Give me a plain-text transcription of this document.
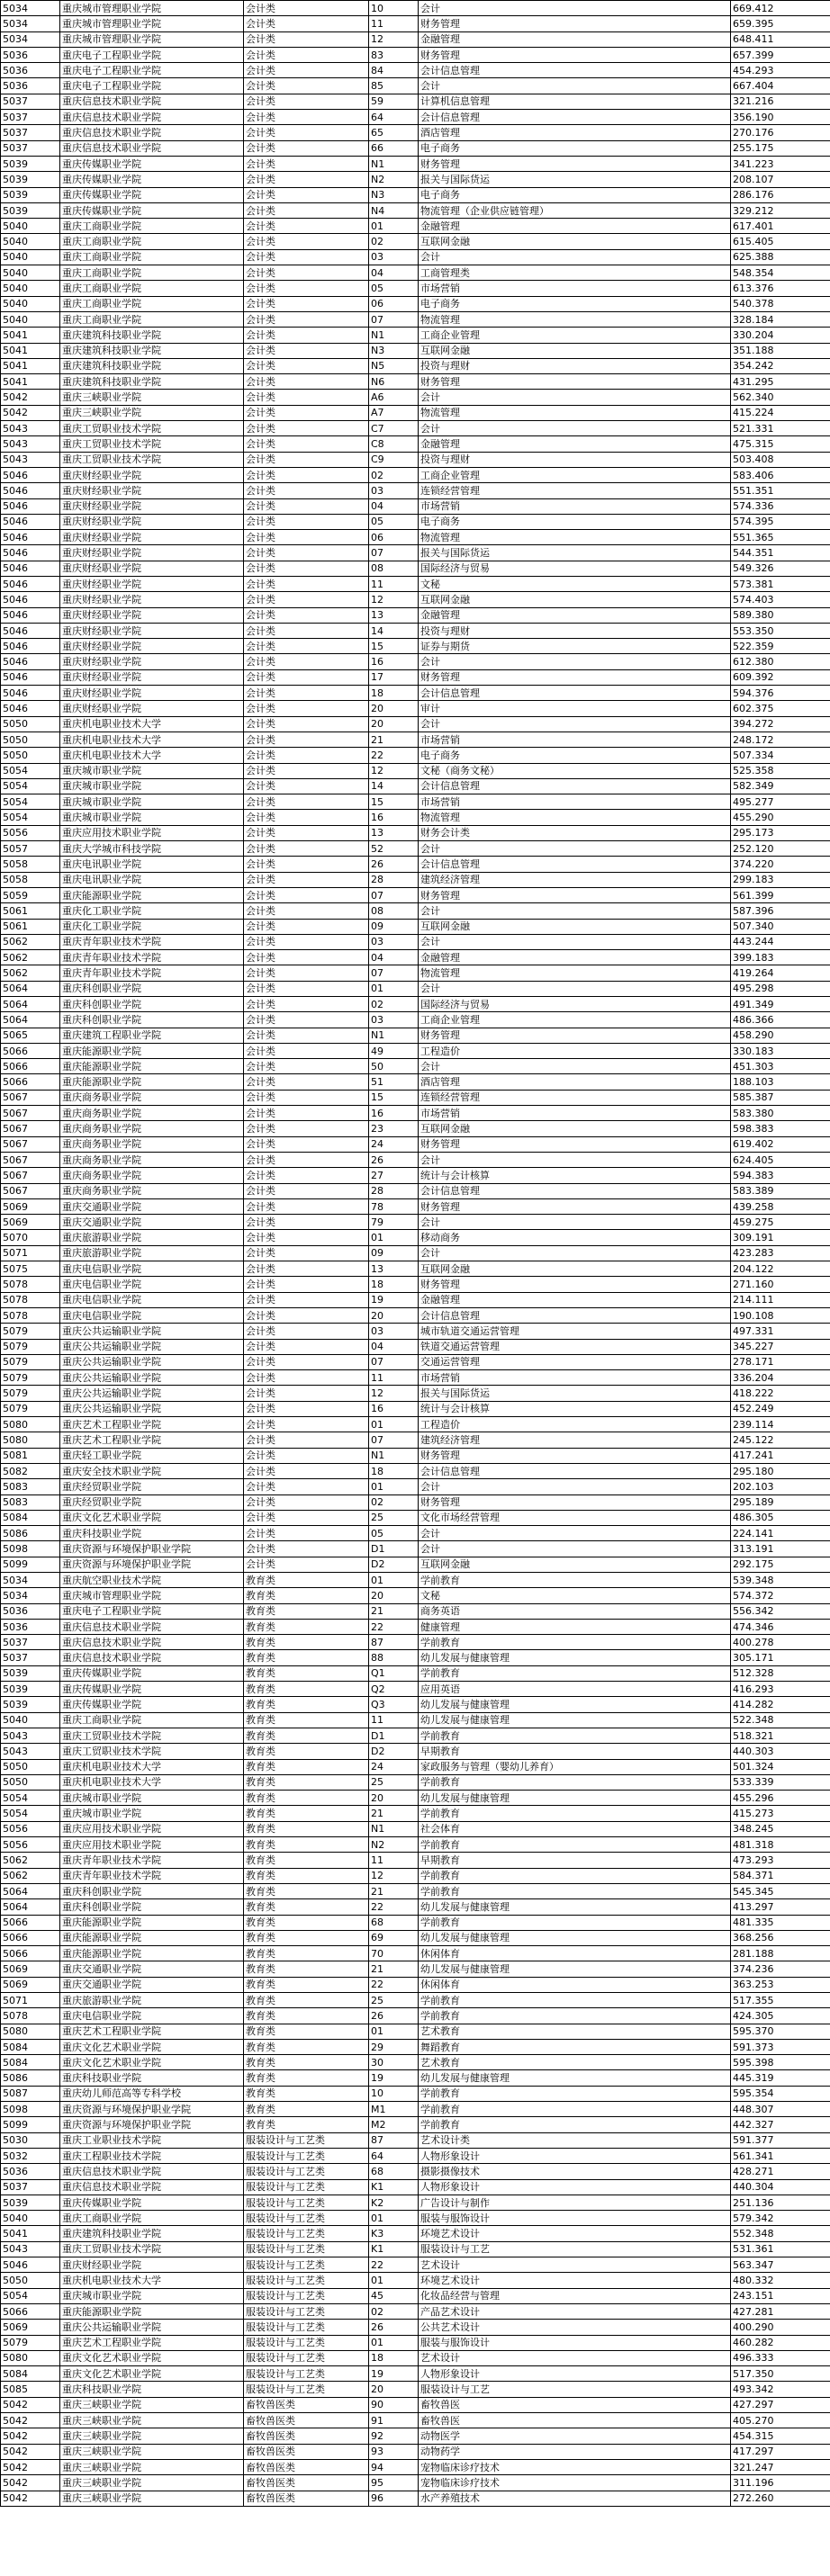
5034	重庆城市管理职业学院	会计类	10	会计	669.412
5034	重庆城市管理职业学院	会计类	11	财务管理	659.395
5034	重庆城市管理职业学院	会计类	12	金融管理	648.411
5036	重庆电子工程职业学院	会计类	83	财务管理	657.399
5036	重庆电子工程职业学院	会计类	84	会计信息管理	454.293
5036	重庆电子工程职业学院	会计类	85	会计	667.404
5037	重庆信息技术职业学院	会计类	59	计算机信息管理	321.216
5037	重庆信息技术职业学院	会计类	64	会计信息管理	356.190
5037	重庆信息技术职业学院	会计类	65	酒店管理	270.176
5037	重庆信息技术职业学院	会计类	66	电子商务	255.175
5039	重庆传媒职业学院	会计类	N1	财务管理	341.223
5039	重庆传媒职业学院	会计类	N2	报关与国际货运	208.107
5039	重庆传媒职业学院	会计类	N3	电子商务	286.176
5039	重庆传媒职业学院	会计类	N4	物流管理（企业供应链管理）	329.212
5040	重庆工商职业学院	会计类	01	金融管理	617.401
5040	重庆工商职业学院	会计类	02	互联网金融	615.405
5040	重庆工商职业学院	会计类	03	会计	625.388
5040	重庆工商职业学院	会计类	04	工商管理类	548.354
5040	重庆工商职业学院	会计类	05	市场营销	613.376
5040	重庆工商职业学院	会计类	06	电子商务	540.378
5040	重庆工商职业学院	会计类	07	物流管理	328.184
5041	重庆建筑科技职业学院	会计类	N1	工商企业管理	330.204
5041	重庆建筑科技职业学院	会计类	N3	互联网金融	351.188
5041	重庆建筑科技职业学院	会计类	N5	投资与理财	354.242
5041	重庆建筑科技职业学院	会计类	N6	财务管理	431.295
5042	重庆三峡职业学院	会计类	A6	会计	562.340
5042	重庆三峡职业学院	会计类	A7	物流管理	415.224
5043	重庆工贸职业技术学院	会计类	C7	会计	521.331
5043	重庆工贸职业技术学院	会计类	C8	金融管理	475.315
5043	重庆工贸职业技术学院	会计类	C9	投资与理财	503.408
5046	重庆财经职业学院	会计类	02	工商企业管理	583.406
5046	重庆财经职业学院	会计类	03	连锁经营管理	551.351
5046	重庆财经职业学院	会计类	04	市场营销	574.336
5046	重庆财经职业学院	会计类	05	电子商务	574.395
5046	重庆财经职业学院	会计类	06	物流管理	551.365
5046	重庆财经职业学院	会计类	07	报关与国际货运	544.351
5046	重庆财经职业学院	会计类	08	国际经济与贸易	549.326
5046	重庆财经职业学院	会计类	11	文秘	573.381
5046	重庆财经职业学院	会计类	12	互联网金融	574.403
5046	重庆财经职业学院	会计类	13	金融管理	589.380
5046	重庆财经职业学院	会计类	14	投资与理财	553.350
5046	重庆财经职业学院	会计类	15	证券与期货	522.359
5046	重庆财经职业学院	会计类	16	会计	612.380
5046	重庆财经职业学院	会计类	17	财务管理	609.392
5046	重庆财经职业学院	会计类	18	会计信息管理	594.376
5046	重庆财经职业学院	会计类	20	审计	602.375
5050	重庆机电职业技术大学	会计类	20	会计	394.272
5050	重庆机电职业技术大学	会计类	21	市场营销	248.172
5050	重庆机电职业技术大学	会计类	22	电子商务	507.334
5054	重庆城市职业学院	会计类	12	文秘（商务文秘）	525.358
5054	重庆城市职业学院	会计类	14	会计信息管理	582.349
5054	重庆城市职业学院	会计类	15	市场营销	495.277
5054	重庆城市职业学院	会计类	16	物流管理	455.290
5056	重庆应用技术职业学院	会计类	13	财务会计类	295.173
5057	重庆大学城市科技学院	会计类	52	会计	252.120
5058	重庆电讯职业学院	会计类	26	会计信息管理	374.220
5058	重庆电讯职业学院	会计类	28	建筑经济管理	299.183
5059	重庆能源职业学院	会计类	07	财务管理	561.399
5061	重庆化工职业学院	会计类	08	会计	587.396
5061	重庆化工职业学院	会计类	09	互联网金融	507.340
5062	重庆青年职业技术学院	会计类	03	会计	443.244
5062	重庆青年职业技术学院	会计类	04	金融管理	399.183
5062	重庆青年职业技术学院	会计类	07	物流管理	419.264
5064	重庆科创职业学院	会计类	01	会计	495.298
5064	重庆科创职业学院	会计类	02	国际经济与贸易	491.349
5064	重庆科创职业学院	会计类	03	工商企业管理	486.366
5065	重庆建筑工程职业学院	会计类	N1	财务管理	458.290
5066	重庆能源职业学院	会计类	49	工程造价	330.183
5066	重庆能源职业学院	会计类	50	会计	451.303
5066	重庆能源职业学院	会计类	51	酒店管理	188.103
5067	重庆商务职业学院	会计类	15	连锁经营管理	585.387
5067	重庆商务职业学院	会计类	16	市场营销	583.380
5067	重庆商务职业学院	会计类	23	互联网金融	598.383
5067	重庆商务职业学院	会计类	24	财务管理	619.402
5067	重庆商务职业学院	会计类	26	会计	624.405
5067	重庆商务职业学院	会计类	27	统计与会计核算	594.383
5067	重庆商务职业学院	会计类	28	会计信息管理	583.389
5069	重庆交通职业学院	会计类	78	财务管理	439.258
5069	重庆交通职业学院	会计类	79	会计	459.275
5070	重庆旅游职业学院	会计类	01	移动商务	309.191
5071	重庆旅游职业学院	会计类	09	会计	423.283
5075	重庆电信职业学院	会计类	13	互联网金融	204.122
5078	重庆电信职业学院	会计类	18	财务管理	271.160
5078	重庆电信职业学院	会计类	19	金融管理	214.111
5078	重庆电信职业学院	会计类	20	会计信息管理	190.108
5079	重庆公共运输职业学院	会计类	03	城市轨道交通运营管理	497.331
5079	重庆公共运输职业学院	会计类	04	铁道交通运营管理	345.227
5079	重庆公共运输职业学院	会计类	07	交通运营管理	278.171
5079	重庆公共运输职业学院	会计类	11	市场营销	336.204
5079	重庆公共运输职业学院	会计类	12	报关与国际货运	418.222
5079	重庆公共运输职业学院	会计类	16	统计与会计核算	452.249
5080	重庆艺术工程职业学院	会计类	01	工程造价	239.114
5080	重庆艺术工程职业学院	会计类	07	建筑经济管理	245.122
5081	重庆轻工职业学院	会计类	N1	财务管理	417.241
5082	重庆安全技术职业学院	会计类	18	会计信息管理	295.180
5083	重庆经贸职业学院	会计类	01	会计	202.103
5083	重庆经贸职业学院	会计类	02	财务管理	295.189
5084	重庆文化艺术职业学院	会计类	25	文化市场经营管理	486.305
5086	重庆科技职业学院	会计类	05	会计	224.141
5098	重庆资源与环境保护职业学院	会计类	D1	会计	313.191
5099	重庆资源与环境保护职业学院	会计类	D2	互联网金融	292.175
5034	重庆航空职业技术学院	教育类	01	学前教育	539.348
5034	重庆城市管理职业学院	教育类	20	文秘	574.372
5036	重庆电子工程职业学院	教育类	21	商务英语	556.342
5036	重庆信息技术职业学院	教育类	22	健康管理	474.346
5037	重庆信息技术职业学院	教育类	87	学前教育	400.278
5037	重庆信息技术职业学院	教育类	88	幼儿发展与健康管理	305.171
5039	重庆传媒职业学院	教育类	Q1	学前教育	512.328
5039	重庆传媒职业学院	教育类	Q2	应用英语	416.293
5039	重庆传媒职业学院	教育类	Q3	幼儿发展与健康管理	414.282
5040	重庆工商职业学院	教育类	11	幼儿发展与健康管理	522.348
5043	重庆工贸职业技术学院	教育类	D1	学前教育	518.321
5043	重庆工贸职业技术学院	教育类	D2	早期教育	440.303
5050	重庆机电职业技术大学	教育类	24	家政服务与管理（婴幼儿养育）	501.324
5050	重庆机电职业技术大学	教育类	25	学前教育	533.339
5054	重庆城市职业学院	教育类	20	幼儿发展与健康管理	455.296
5054	重庆城市职业学院	教育类	21	学前教育	415.273
5056	重庆应用技术职业学院	教育类	N1	社会体育	348.245
5056	重庆应用技术职业学院	教育类	N2	学前教育	481.318
5062	重庆青年职业技术学院	教育类	11	早期教育	473.293
5062	重庆青年职业技术学院	教育类	12	学前教育	584.371
5064	重庆科创职业学院	教育类	21	学前教育	545.345
5064	重庆科创职业学院	教育类	22	幼儿发展与健康管理	413.297
5066	重庆能源职业学院	教育类	68	学前教育	481.335
5066	重庆能源职业学院	教育类	69	幼儿发展与健康管理	368.256
5066	重庆能源职业学院	教育类	70	休闲体育	281.188
5069	重庆交通职业学院	教育类	21	幼儿发展与健康管理	374.236
5069	重庆交通职业学院	教育类	22	休闲体育	363.253
5071	重庆旅游职业学院	教育类	25	学前教育	517.355
5078	重庆电信职业学院	教育类	26	学前教育	424.305
5080	重庆艺术工程职业学院	教育类	01	艺术教育	595.370
5084	重庆文化艺术职业学院	教育类	29	舞蹈教育	591.373
5084	重庆文化艺术职业学院	教育类	30	艺术教育	595.398
5086	重庆科技职业学院	教育类	19	幼儿发展与健康管理	445.319
5087	重庆幼儿师范高等专科学校	教育类	10	学前教育	595.354
5098	重庆资源与环境保护职业学院	教育类	M1	学前教育	448.307
5099	重庆资源与环境保护职业学院	教育类	M2	学前教育	442.327
5030	重庆工业职业技术学院	服装设计与工艺类	87	艺术设计类	591.377
5032	重庆工程职业技术学院	服装设计与工艺类	64	人物形象设计	561.341
5036	重庆信息技术职业学院	服装设计与工艺类	68	摄影摄像技术	428.271
5037	重庆信息技术职业学院	服装设计与工艺类	K1	人物形象设计	440.304
5039	重庆传媒职业学院	服装设计与工艺类	K2	广告设计与制作	251.136
5040	重庆工商职业学院	服装设计与工艺类	01	服装与服饰设计	579.342
5041	重庆建筑科技职业学院	服装设计与工艺类	K3	环境艺术设计	552.348
5043	重庆工贸职业技术学院	服装设计与工艺类	K1	服装设计与工艺	531.361
5046	重庆财经职业学院	服装设计与工艺类	22	艺术设计	563.347
5050	重庆机电职业技术大学	服装设计与工艺类	01	环境艺术设计	480.332
5054	重庆城市职业学院	服装设计与工艺类	45	化妆品经营与管理	243.151
5066	重庆能源职业学院	服装设计与工艺类	02	产品艺术设计	427.281
5069	重庆公共运输职业学院	服装设计与工艺类	26	公共艺术设计	400.290
5079	重庆艺术工程职业学院	服装设计与工艺类	01	服装与服饰设计	460.282
5080	重庆文化艺术职业学院	服装设计与工艺类	18	艺术设计	496.333
5084	重庆文化艺术职业学院	服装设计与工艺类	19	人物形象设计	517.350
5085	重庆科技职业学院	服装设计与工艺类	20	服装设计与工艺	493.342
5042	重庆三峡职业学院	畜牧兽医类	90	畜牧兽医	427.297
5042	重庆三峡职业学院	畜牧兽医类	91	畜牧兽医	405.270
5042	重庆三峡职业学院	畜牧兽医类	92	动物医学	454.315
5042	重庆三峡职业学院	畜牧兽医类	93	动物药学	417.297
5042	重庆三峡职业学院	畜牧兽医类	94	宠物临床诊疗技术	321.247
5042	重庆三峡职业学院	畜牧兽医类	95	宠物临床诊疗技术	311.196
5042	重庆三峡职业学院	畜牧兽医类	96	水产养殖技术	272.260
